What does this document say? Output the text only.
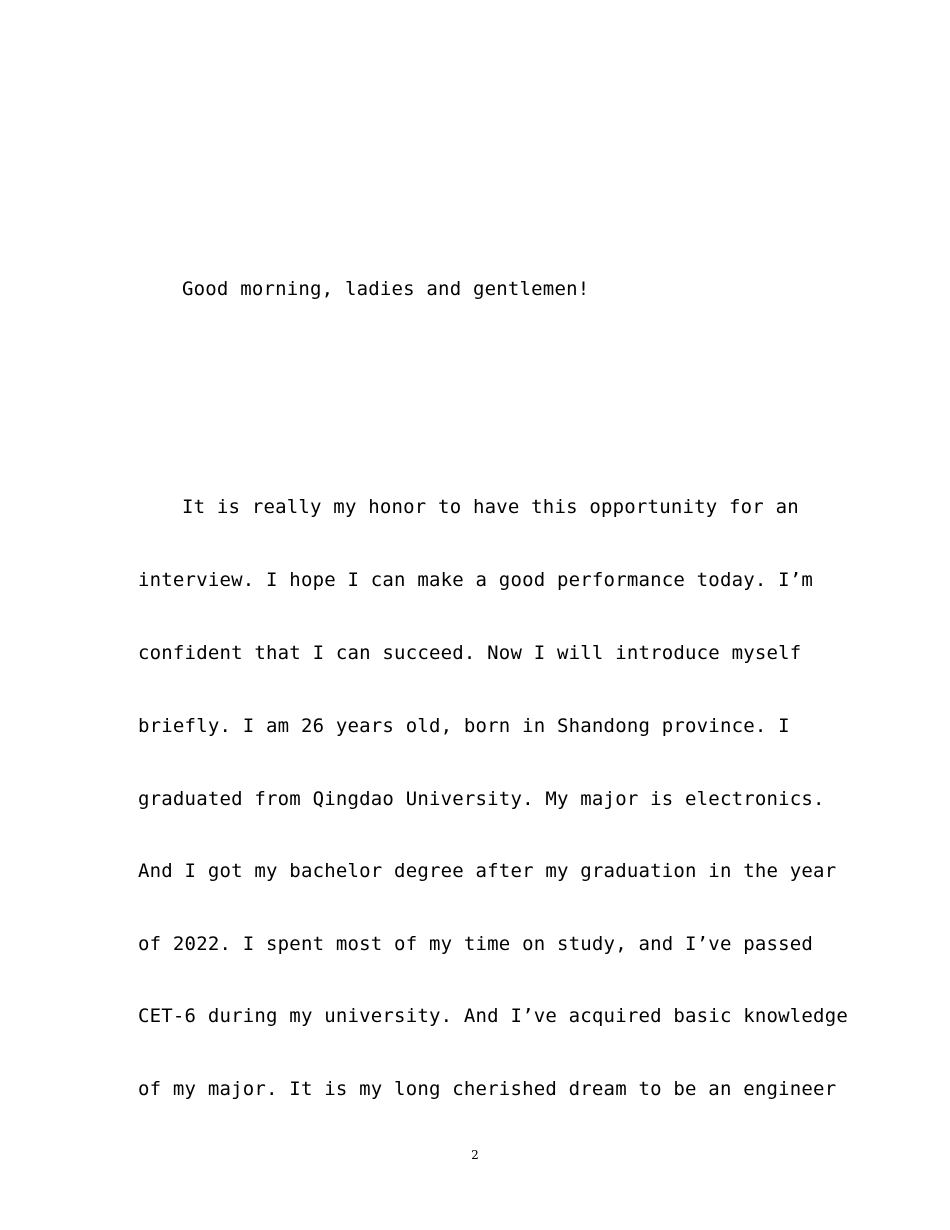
Good morning, ladies and gentlemen!
It is really my honor to have this opportunity for an
interview. I hope I can make a good performance today. I’m
confident that I can succeed. Now I will introduce myself
briefly. I am 26 years old, born in Shandong province. I
graduated from Qingdao University. My major is electronics.
And I got my bachelor degree after my graduation in the year
of 2022. I spent most of my time on study, and I’ve passed
CET-6 during my university. And I’ve acquired basic knowledge
of my major. It is my long cherished dream to be an engineer
2
